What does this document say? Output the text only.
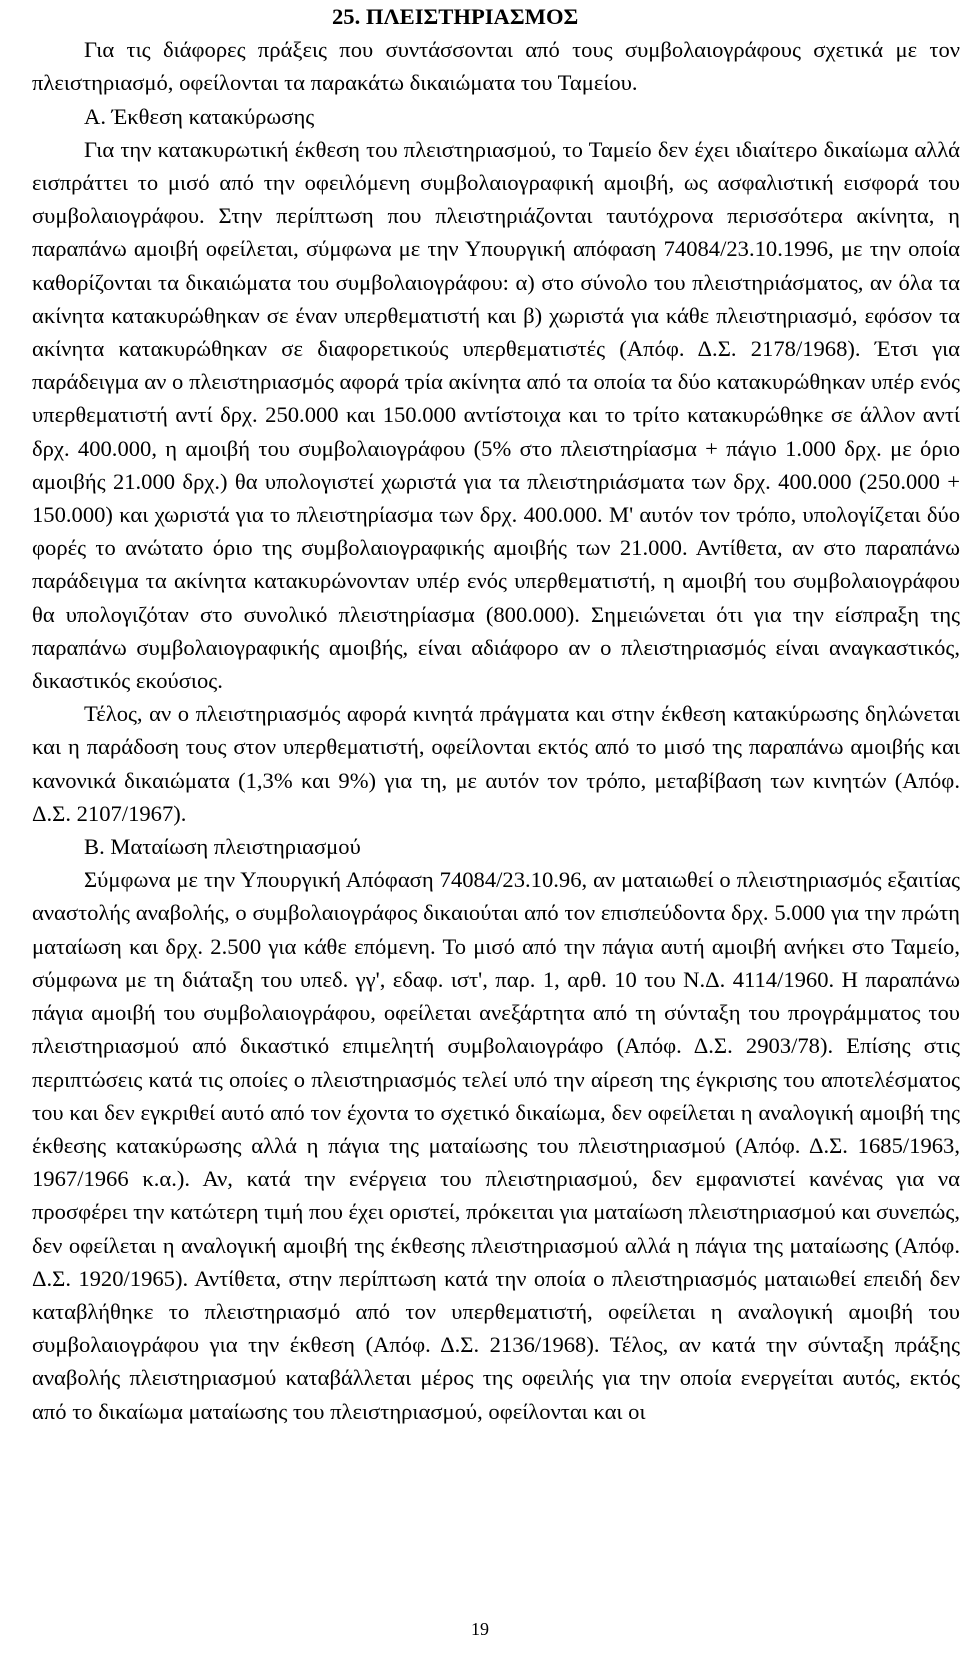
25. ΠΛΕΙΣΤΗΡΙΑΣΜΟΣ

Για τις διάφορες πράξεις που συντάσσονται από τους συμβολαιογράφους σχετικά με τον πλειστηριασμό, οφείλονται τα παρακάτω δικαιώματα του Ταμείου.

Α. Έκθεση κατακύρωσης

Για την κατακυρωτική έκθεση του πλειστηριασμού, το Ταμείο δεν έχει ιδιαίτερο δικαίωμα αλλά εισπράττει το μισό από την οφειλόμενη συμβολαιογραφική αμοιβή, ως ασφαλιστική εισφορά του συμβολαιογράφου. Στην περίπτωση που πλειστηριάζονται ταυτόχρονα περισσότερα ακίνητα, η παραπάνω αμοιβή οφείλεται, σύμφωνα με την Υπουργική απόφαση 74084/23.10.1996, με την οποία καθορίζονται τα δικαιώματα του συμβολαιογράφου: α) στο σύνολο του πλειστηριάσματος, αν όλα τα ακίνητα κατακυρώθηκαν σε έναν υπερθεματιστή και β) χωριστά για κάθε πλειστηριασμό, εφόσον τα ακίνητα κατακυρώθηκαν σε διαφορετικούς υπερθεματιστές (Απόφ. Δ.Σ. 2178/1968). Έτσι για παράδειγμα αν ο πλειστηριασμός αφορά τρία ακίνητα από τα οποία τα δύο κατακυρώθηκαν υπέρ ενός υπερθεματιστή αντί δρχ. 250.000 και 150.000 αντίστοιχα και το τρίτο κατακυρώθηκε σε άλλον αντί δρχ. 400.000, η αμοιβή του συμβολαιογράφου (5% στο πλειστηρίασμα + πάγιο 1.000 δρχ. με όριο αμοιβής 21.000 δρχ.) θα υπολογιστεί χωριστά για τα πλειστηριάσματα των δρχ. 400.000 (250.000 + 150.000) και χωριστά για το πλειστηρίασμα των δρχ. 400.000. Μ' αυτόν τον τρόπο, υπολογίζεται δύο φορές το ανώτατο όριο της συμβολαιογραφικής αμοιβής των 21.000. Αντίθετα, αν στο παραπάνω παράδειγμα τα ακίνητα κατακυρώνονταν υπέρ ενός υπερθεματιστή, η αμοιβή του συμβολαιογράφου θα υπολογιζόταν στο συνολικό πλειστηρίασμα (800.000). Σημειώνεται ότι για την είσπραξη της παραπάνω συμβολαιογραφικής αμοιβής, είναι αδιάφορο αν ο πλειστηριασμός είναι αναγκαστικός, δικαστικός εκούσιος.

Τέλος, αν ο πλειστηριασμός αφορά κινητά πράγματα και στην έκθεση κατακύρωσης δηλώνεται και η παράδοση τους στον υπερθεματιστή, οφείλονται εκτός από το μισό της παραπάνω αμοιβής και κανονικά δικαιώματα (1,3% και 9%) για τη, με αυτόν τον τρόπο, μεταβίβαση των κινητών (Απόφ. Δ.Σ. 2107/1967).

Β. Ματαίωση πλειστηριασμού

Σύμφωνα με την Υπουργική Απόφαση 74084/23.10.96, αν ματαιωθεί ο πλειστηριασμός εξαιτίας αναστολής αναβολής, ο συμβολαιογράφος δικαιούται από τον επισπεύδοντα δρχ. 5.000 για την πρώτη ματαίωση και δρχ. 2.500 για κάθε επόμενη. Το μισό από την πάγια αυτή αμοιβή ανήκει στο Ταμείο, σύμφωνα με τη διάταξη του υπεδ. γγ', εδαφ. ιστ', παρ. 1, αρθ. 10 του Ν.Δ. 4114/1960. Η παραπάνω πάγια αμοιβή του συμβολαιογράφου, οφείλεται ανεξάρτητα από τη σύνταξη του προγράμματος του πλειστηριασμού από δικαστικό επιμελητή συμβολαιογράφο (Απόφ. Δ.Σ. 2903/78). Επίσης στις περιπτώσεις κατά τις οποίες ο πλειστηριασμός τελεί υπό την αίρεση της έγκρισης του αποτελέσματος του και δεν εγκριθεί αυτό από τον έχοντα το σχετικό δικαίωμα, δεν οφείλεται η αναλογική αμοιβή της έκθεσης κατακύρωσης αλλά η πάγια της ματαίωσης του πλειστηριασμού (Απόφ. Δ.Σ. 1685/1963, 1967/1966 κ.α.). Αν, κατά την ενέργεια του πλειστηριασμού, δεν εμφανιστεί κανένας για να προσφέρει την κατώτερη τιμή που έχει οριστεί, πρόκειται για ματαίωση πλειστηριασμού και συνεπώς, δεν οφείλεται η αναλογική αμοιβή της έκθεσης πλειστηριασμού αλλά η πάγια της ματαίωσης (Απόφ. Δ.Σ. 1920/1965). Αντίθετα, στην περίπτωση κατά την οποία ο πλειστηριασμός ματαιωθεί επειδή δεν καταβλήθηκε το πλειστηριασμό από τον υπερθεματιστή, οφείλεται η αναλογική αμοιβή του συμβολαιογράφου για την έκθεση (Απόφ. Δ.Σ. 2136/1968). Τέλος, αν κατά την σύνταξη πράξης αναβολής πλειστηριασμού καταβάλλεται μέρος της οφειλής για την οποία ενεργείται αυτός, εκτός από το δικαίωμα ματαίωσης του πλειστηριασμού, οφείλονται και οι

19
